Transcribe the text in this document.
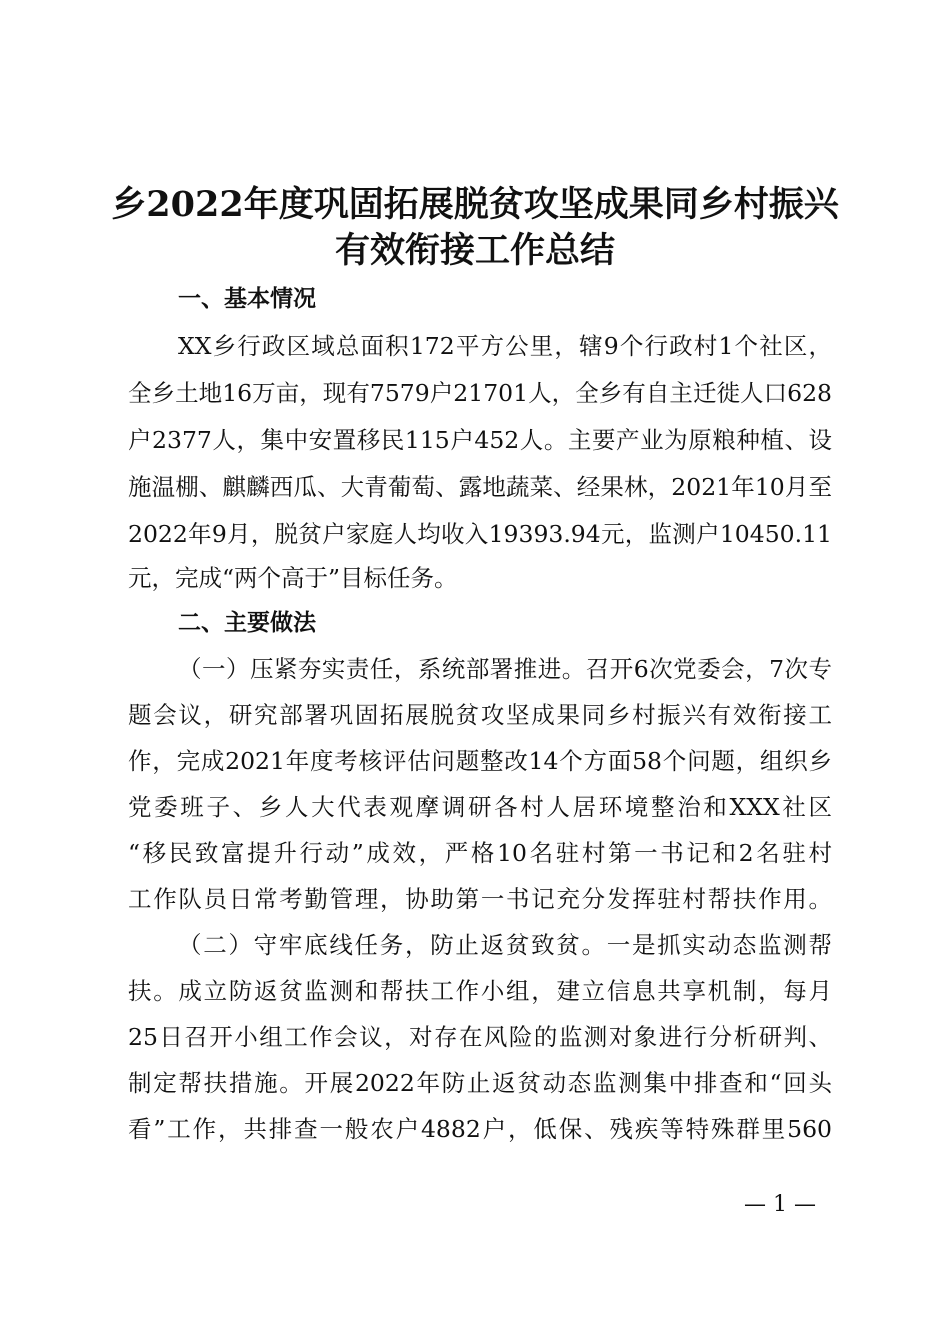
乡2022年度巩固拓展脱贫攻坚成果同乡村振兴
有效衔接工作总结
一、基本情况
XX乡行政区域总面积172平方公里，辖9个行政村1个社区，
全乡土地16万亩，现有7579户21701人，全乡有自主迁徙人口628
户2377人，集中安置移民115户452人。主要产业为原粮种植、设
施温棚、麒麟西瓜、大青葡萄、露地蔬菜、经果林，2021年10月至
2022年9月，脱贫户家庭人均收入19393.94元，监测户10450.11
元，完成“两个高于”目标任务。
二、主要做法
（一）压紧夯实责任，系统部署推进。召开6次党委会，7次专
题会议，研究部署巩固拓展脱贫攻坚成果同乡村振兴有效衔接工
作，完成2021年度考核评估问题整改14个方面58个问题，组织乡
党委班子、乡人大代表观摩调研各村人居环境整治和XXX社区
“移民致富提升行动”成效，严格10名驻村第一书记和2名驻村
工作队员日常考勤管理，协助第一书记充分发挥驻村帮扶作用。
（二）守牢底线任务，防止返贫致贫。一是抓实动态监测帮
扶。成立防返贫监测和帮扶工作小组，建立信息共享机制，每月
25日召开小组工作会议，对存在风险的监测对象进行分析研判、
制定帮扶措施。开展2022年防止返贫动态监测集中排查和“回头
看”工作，共排查一般农户4882户，低保、残疾等特殊群里560
— 1 —
